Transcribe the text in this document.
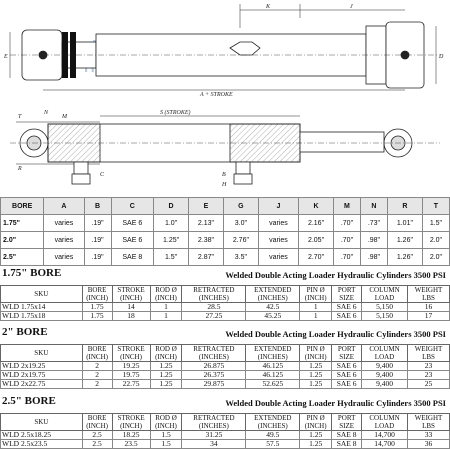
A + STROKE
K	J
E	D
S (STROKE)
T	M
N
R
C	B
H
BORE	A	B	C	D	E	G	J	K	M	N	R	T
1.75"	varies	.19"	SAE 6	1.0"	2.13"	3.0"	varies	2.16"	.70"	.73"	1.01"	1.5"
2.0"	varies	.19"	SAE 6	1.25"	2.38"	2.76"	varies	2.05"	.70"	.98"	1.26"	2.0"
2.5"	varies	.19"	SAE 8	1.5"	2.87"	3.5"	varies	2.70"	.70"	.98"	1.26"	2.0"
1.75" BORE	Welded Double Acting Loader Hydraulic Cylinders 3500 PSI
SKU	BORE (INCH)	STROKE (INCH)	ROD Ø (INCH)	RETRACTED (INCHES)	EXTENDED (INCHES)	PIN Ø (INCH)	PORT SIZE	COLUMN LOAD	WEIGHT LBS
WLD 1.75x14	1.75	14	1	28.5	42.5	1	SAE 6	5,150	16
WLD 1.75x18	1.75	18	1	27.25	45.25	1	SAE 6	5,150	17
2" BORE	Welded Double Acting Loader Hydraulic Cylinders 3500 PSI
SKU	BORE (INCH)	STROKE (INCH)	ROD Ø (INCH)	RETRACTED (INCHES)	EXTENDED (INCHES)	PIN Ø (INCH)	PORT SIZE	COLUMN LOAD	WEIGHT LBS
WLD 2x19.25	2	19.25	1.25	26.875	46.125	1.25	SAE 6	9,400	23
WLD 2x19.75	2	19.75	1.25	26.375	46.125	1.25	SAE 6	9,400	23
WLD 2x22.75	2	22.75	1.25	29.875	52.625	1.25	SAE 6	9,400	25
2.5" BORE	Welded Double Acting Loader Hydraulic Cylinders 3500 PSI
SKU	BORE (INCH)	STROKE (INCH)	ROD Ø (INCH)	RETRACTED (INCHES)	EXTENDED (INCHES)	PIN Ø (INCH)	PORT SIZE	COLUMN LOAD	WEIGHT LBS
WLD 2.5x18.25	2.5	18.25	1.5	31.25	49.5	1.25	SAE 8	14,700	33
WLD 2.5x23.5	2.5	23.5	1.5	34	57.5	1.25	SAE 8	14,700	36
